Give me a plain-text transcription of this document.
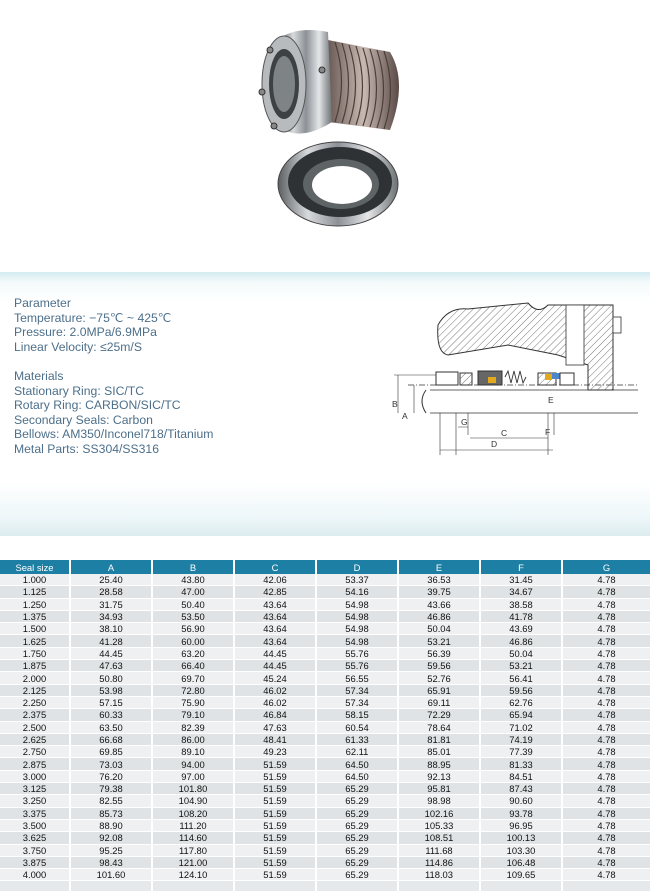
Parameter
Temperature: −75℃ ~ 425℃
Pressure: 2.0MPa/6.9MPa
Linear Velocity: ≤25m/S
Materials
Stationary Ring: SIC/TC
Rotary Ring: CARBON/SIC/TC
Secondary Seals: Carbon
Bellows: AM350/Inconel718/Titanium
Metal Parts: SS304/SS316
B
A
G
C
D
E
F
Seal size	A	B	C	D	E	F	G
1.000	25.40	43.80	42.06	53.37	36.53	31.45	4.78
1.125	28.58	47.00	42.85	54.16	39.75	34.67	4.78
1.250	31.75	50.40	43.64	54.98	43.66	38.58	4.78
1.375	34.93	53.50	43.64	54.98	46.86	41.78	4.78
1.500	38.10	56.90	43.64	54.98	50.04	43.69	4.78
1.625	41.28	60.00	43.64	54.98	53.21	46.86	4.78
1.750	44.45	63.20	44.45	55.76	56.39	50.04	4.78
1.875	47.63	66.40	44.45	55.76	59.56	53.21	4.78
2.000	50.80	69.70	45.24	56.55	52.76	56.41	4.78
2.125	53.98	72.80	46.02	57.34	65.91	59.56	4.78
2.250	57.15	75.90	46.02	57.34	69.11	62.76	4.78
2.375	60.33	79.10	46.84	58.15	72.29	65.94	4.78
2.500	63.50	82.39	47.63	60.54	78.64	71.02	4.78
2.625	66.68	86.00	48.41	61.33	81.81	74.19	4.78
2.750	69.85	89.10	49.23	62.11	85.01	77.39	4.78
2.875	73.03	94.00	51.59	64.50	88.95	81.33	4.78
3.000	76.20	97.00	51.59	64.50	92.13	84.51	4.78
3.125	79.38	101.80	51.59	65.29	95.81	87.43	4.78
3.250	82.55	104.90	51.59	65.29	98.98	90.60	4.78
3.375	85.73	108.20	51.59	65.29	102.16	93.78	4.78
3.500	88.90	111.20	51.59	65.29	105.33	96.95	4.78
3.625	92.08	114.60	51.59	65.29	108.51	100.13	4.78
3.750	95.25	117.80	51.59	65.29	111.68	103.30	4.78
3.875	98.43	121.00	51.59	65.29	114.86	106.48	4.78
4.000	101.60	124.10	51.59	65.29	118.03	109.65	4.78
